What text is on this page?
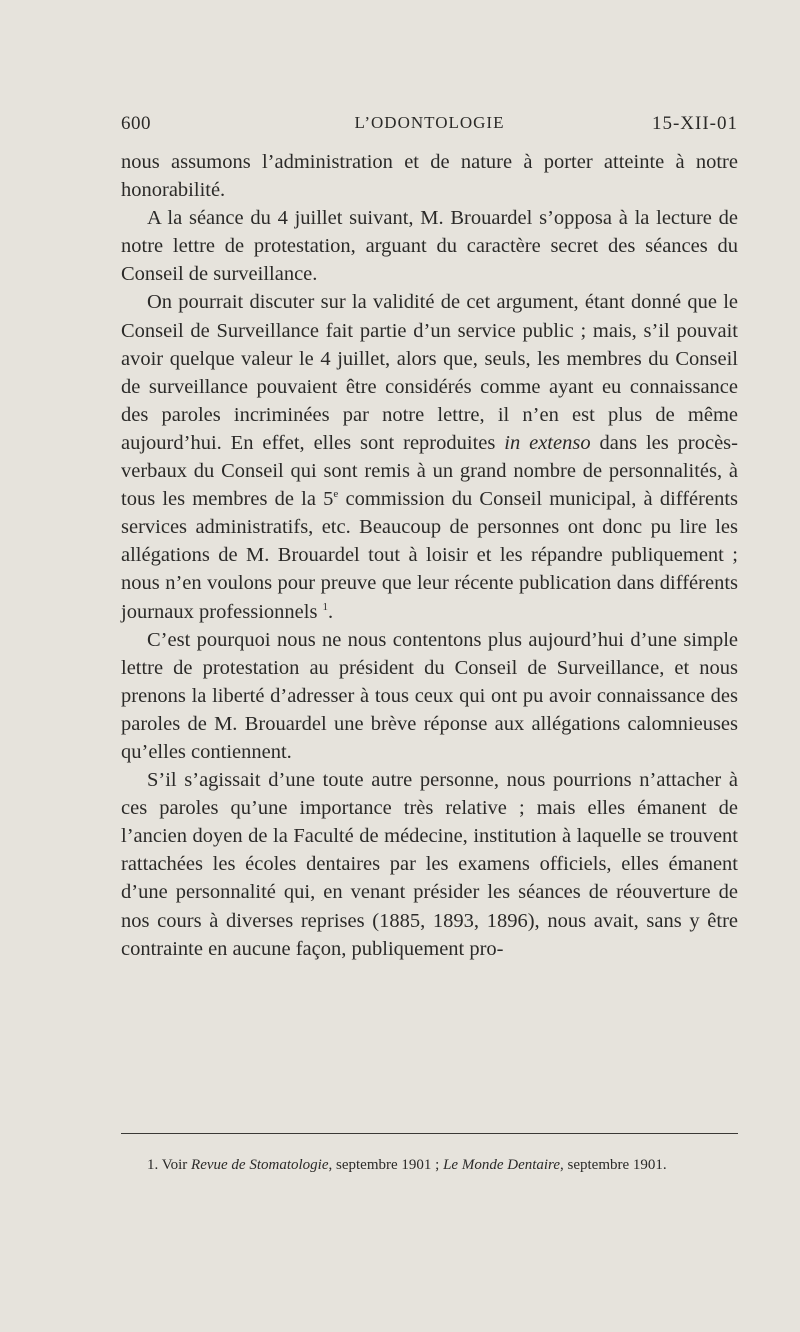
600	L’ODONTOLOGIE	15-XII-01

nous assumons l’administration et de nature à porter atteinte à notre honorabilité.

A la séance du 4 juillet suivant, M. Brouardel s’opposa à la lecture de notre lettre de protestation, arguant du caractère secret des séances du Conseil de surveillance.

On pourrait discuter sur la validité de cet argument, étant donné que le Conseil de Surveillance fait partie d’un service public ; mais, s’il pouvait avoir quelque valeur le 4 juillet, alors que, seuls, les membres du Conseil de surveillance pouvaient être considérés comme ayant eu connaissance des paroles incriminées par notre lettre, il n’en est plus de même aujourd’hui. En effet, elles sont reproduites in extenso dans les procès-verbaux du Conseil qui sont remis à un grand nombre de personnalités, à tous les membres de la 5e commission du Conseil municipal, à différents services administratifs, etc. Beaucoup de personnes ont donc pu lire les allégations de M. Brouardel tout à loisir et les répandre publiquement ; nous n’en voulons pour preuve que leur récente publication dans différents journaux professionnels $^1$.

C’est pourquoi nous ne nous contentons plus aujourd’hui d’une simple lettre de protestation au président du Conseil de Surveillance, et nous prenons la liberté d’adresser à tous ceux qui ont pu avoir connaissance des paroles de M. Brouardel une brève réponse aux allégations calomnieuses qu’elles contiennent.

S’il s’agissait d’une toute autre personne, nous pourrions n’attacher à ces paroles qu’une importance très relative ; mais elles émanent de l’ancien doyen de la Faculté de médecine, institution à laquelle se trouvent rattachées les écoles dentaires par les examens officiels, elles émanent d’une personnalité qui, en venant présider les séances de réouverture de nos cours à diverses reprises (1885, 1893, 1896), nous avait, sans y être contrainte en aucune façon, publiquement pro-

1. Voir Revue de Stomatologie, septembre 1901 ; Le Monde Dentaire, septembre 1901.
